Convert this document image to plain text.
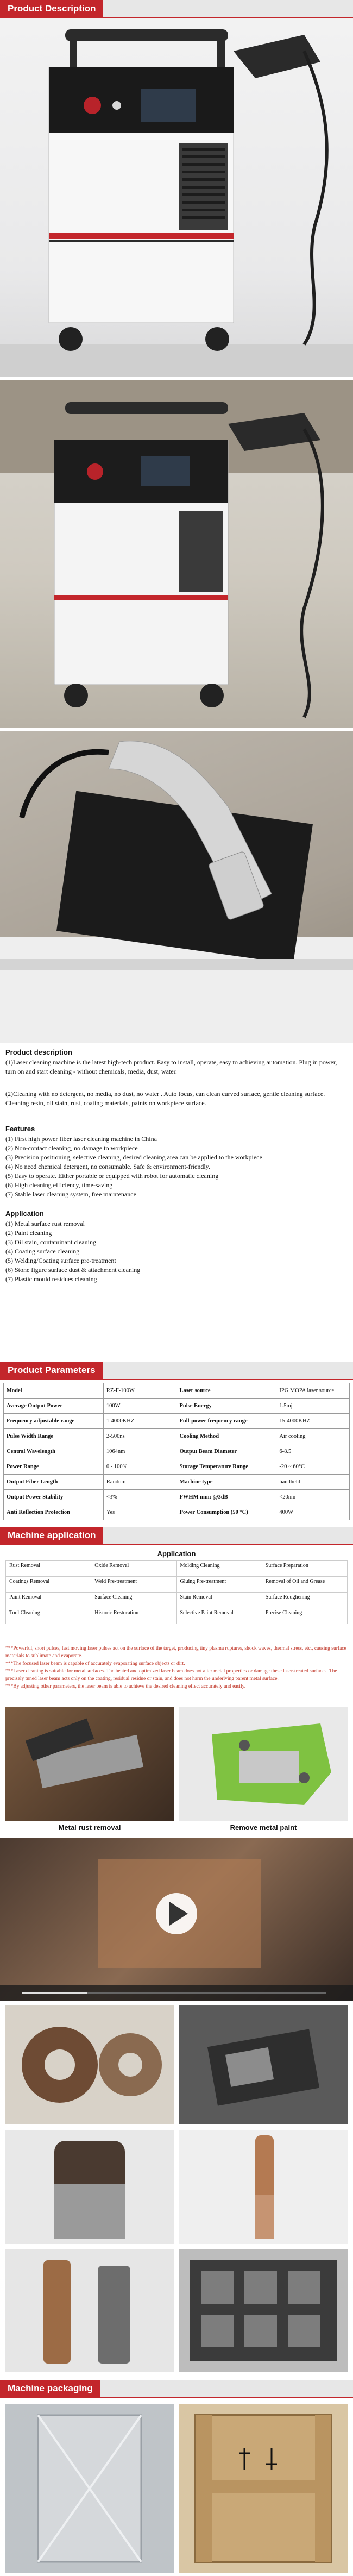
Product Description
Product description

(1)Laser cleaning machine is the latest high-tech product. Easy to install, operate, easy to achieving automation. Plug in power, turn on and start cleaning - without chemicals, media, dust, water.

(2)Cleaning with no detergent, no media, no dust, no water . Auto focus, can clean curved surface, gentle cleaning surface. Cleaning resin, oil stain, rust, coating materials, paints on workpiece surface.

Features

(1) First high power fiber laser cleaning machine in China

(2) Non-contact cleaning, no damage to workpiece

(3) Precision positioning, selective cleaning, desired cleaning area can be applied to the workpiece

(4) No need chemical detergent, no consumable. Safe & environment-friendly.

(5) Easy to operate. Either portable or equipped with robot for automatic cleaning

(6) High cleaning efficiency, time-saving

(7) Stable laser cleaning system, free maintenance

Application

(1) Metal surface rust removal

(2) Paint cleaning

(3) Oil stain, contaminant cleaning

(4) Coating surface cleaning

(5) Welding/Coating surface pre-treatment

(6) Stone figure surface dust & attachment cleaning

(7) Plastic mould residues cleaning

Product Parameters
Model	RZ-F-100W	Laser source	IPG MOPA laser source
Average Output Power	100W	Pulse Energy	1.5mj
Frequency adjustable range	1-4000KHZ	Full-power frequency range	15-4000KHZ
Pulse Width Range	2-500ns	Cooling Method	Air cooling
Central Wavelength	1064nm	Output Beam Diameter	6-8.5
Power Range	0 - 100%	Storage Temperature Range	-20 ~ 60°C
Output Fiber Length	Random	Machine type	handheld
Output Power Stability	<3%	FWHM mm: @3dB	<20nm
Anti Reflection Protection	Yes	Power Consumption (50 °C)	400W
Machine application
Application
Rust Removal	Oxide Removal	Molding Cleaning	Surface Preparation
Coatings Removal	Weld Pre-treatment	Gluing Pre-treatment	Removal of Oil and Grease
Paint Removal	Surface Cleaning	Stain Removal	Surface Roughening
Tool Cleaning	Historic Restoration	Selective Paint Removal	Precise Cleaning

***Powerful, short pulses, fast moving laser pulses act on the surface of the target, producing tiny plasma ruptures, shock waves, thermal stress, etc., causing surface materials to sublimate and evaporate.

***The focused laser beam is capable of accurately evaporating surface objects or dirt.

***Laser cleaning is suitable for metal surfaces. The heated and optimized laser beam does not alter metal properties or damage these laser-treated surfaces. The precisely tuned laser beam acts only on the coating, residual residue or stain, and does not harm the underlying parent metal surface.

***By adjusting other parameters, the laser beam is able to achieve the desired cleaning effect accurately and easily.

Metal rust removal	Remove metal paint
Machine packaging
